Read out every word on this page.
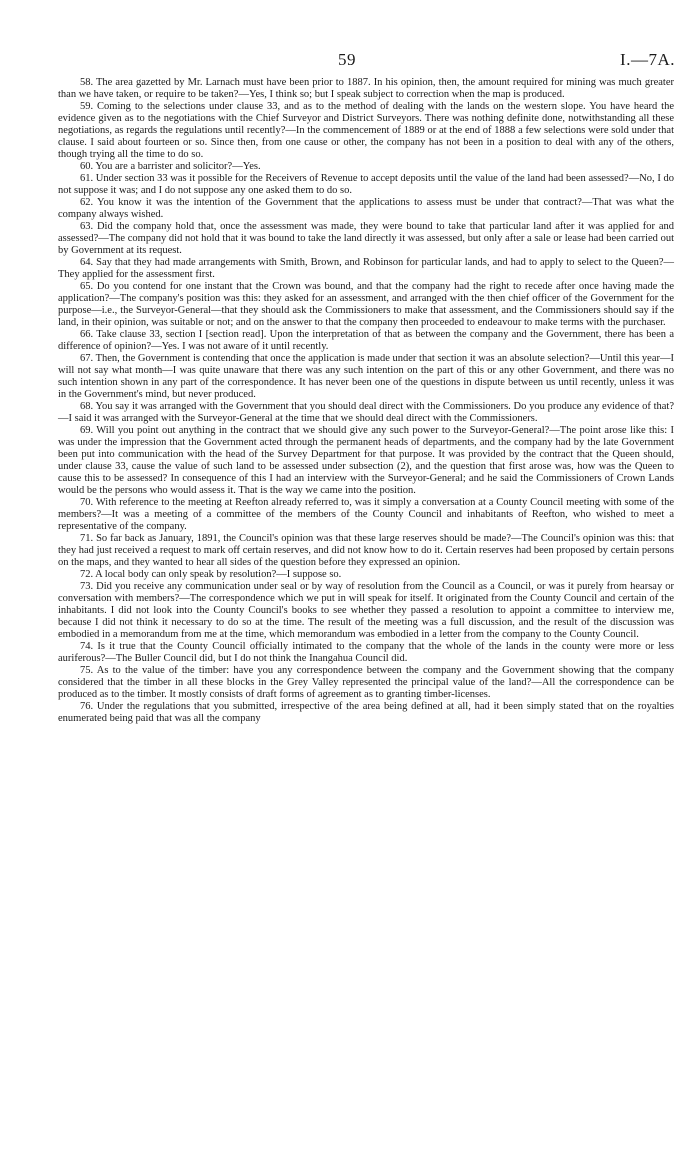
59	I.—7A.

58. The area gazetted by Mr. Larnach must have been prior to 1887. In his opinion, then, the amount required for mining was much greater than we have taken, or require to be taken?—Yes, I think so; but I speak subject to correction when the map is produced.

59. Coming to the selections under clause 33, and as to the method of dealing with the lands on the western slope. You have heard the evidence given as to the negotiations with the Chief Surveyor and District Surveyors. There was nothing definite done, notwithstanding all these negotiations, as regards the regulations until recently?—In the commencement of 1889 or at the end of 1888 a few selections were sold under that clause. I said about fourteen or so. Since then, from one cause or other, the company has not been in a position to deal with any of the others, though trying all the time to do so.

60. You are a barrister and solicitor?—Yes.

61. Under section 33 was it possible for the Receivers of Revenue to accept deposits until the value of the land had been assessed?—No, I do not suppose it was; and I do not suppose any one asked them to do so.

62. You know it was the intention of the Government that the applications to assess must be under that contract?—That was what the company always wished.

63. Did the company hold that, once the assessment was made, they were bound to take that particular land after it was applied for and assessed?—The company did not hold that it was bound to take the land directly it was assessed, but only after a sale or lease had been carried out by Government at its request.

64. Say that they had made arrangements with Smith, Brown, and Robinson for particular lands, and had to apply to select to the Queen?—They applied for the assessment first.

65. Do you contend for one instant that the Crown was bound, and that the company had the right to recede after once having made the application?—The company's position was this: they asked for an assessment, and arranged with the then chief officer of the Government for the purpose—i.e., the Surveyor-General—that they should ask the Commissioners to make that assessment, and the Commissioners should say if the land, in their opinion, was suitable or not; and on the answer to that the company then proceeded to endeavour to make terms with the purchaser.

66. Take clause 33, section I [section read]. Upon the interpretation of that as between the company and the Government, there has been a difference of opinion?—Yes. I was not aware of it until recently.

67. Then, the Government is contending that once the application is made under that section it was an absolute selection?—Until this year—I will not say what month—I was quite unaware that there was any such intention on the part of this or any other Government, and there was no such intention shown in any part of the correspondence. It has never been one of the questions in dispute between us until recently, unless it was in the Government's mind, but never produced.

68. You say it was arranged with the Government that you should deal direct with the Commissioners. Do you produce any evidence of that?—I said it was arranged with the Surveyor-General at the time that we should deal direct with the Commissioners.

69. Will you point out anything in the contract that we should give any such power to the Surveyor-General?—The point arose like this: I was under the impression that the Government acted through the permanent heads of departments, and the company had by the late Government been put into communication with the head of the Survey Department for that purpose. It was provided by the contract that the Queen should, under clause 33, cause the value of such land to be assessed under subsection (2), and the question that first arose was, how was the Queen to cause this to be assessed? In consequence of this I had an interview with the Surveyor-General; and he said the Commissioners of Crown Lands would be the persons who would assess it. That is the way we came into the position.

70. With reference to the meeting at Reefton already referred to, was it simply a conversation at a County Council meeting with some of the members?—It was a meeting of a committee of the members of the County Council and inhabitants of Reefton, who wished to meet a representative of the company.

71. So far back as January, 1891, the Council's opinion was that these large reserves should be made?—The Council's opinion was this: that they had just received a request to mark off certain reserves, and did not know how to do it. Certain reserves had been proposed by certain persons on the maps, and they wanted to hear all sides of the question before they expressed an opinion.

72. A local body can only speak by resolution?—I suppose so.

73. Did you receive any communication under seal or by way of resolution from the Council as a Council, or was it purely from hearsay or conversation with members?—The correspondence which we put in will speak for itself. It originated from the County Council and certain of the inhabitants. I did not look into the County Council's books to see whether they passed a resolution to appoint a committee to interview me, because I did not think it necessary to do so at the time. The result of the meeting was a full discussion, and the result of the discussion was embodied in a memorandum from me at the time, which memorandum was embodied in a letter from the company to the County Council.

74. Is it true that the County Council officially intimated to the company that the whole of the lands in the county were more or less auriferous?—The Buller Council did, but I do not think the Inangahua Council did.

75. As to the value of the timber: have you any correspondence between the company and the Government showing that the company considered that the timber in all these blocks in the Grey Valley represented the principal value of the land?—All the correspondence can be produced as to the timber. It mostly consists of draft forms of agreement as to granting timber-licenses.

76. Under the regulations that you submitted, irrespective of the area being defined at all, had it been simply stated that on the royalties enumerated being paid that was all the company
